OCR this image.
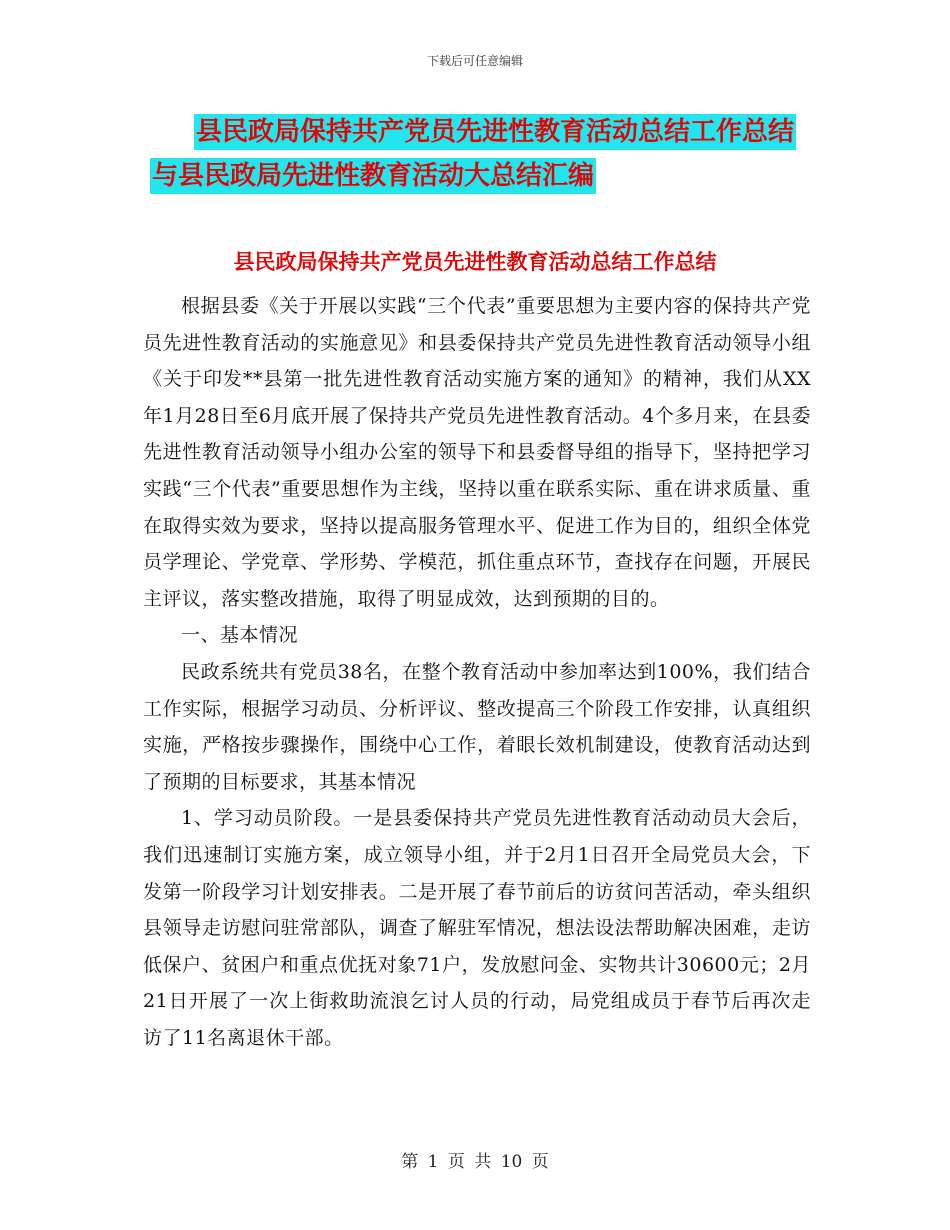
下载后可任意编辑
县民政局保持共产党员先进性教育活动总结工作总结
与县民政局先进性教育活动大总结汇编
县民政局保持共产党员先进性教育活动总结工作总结

根据县委《关于开展以实践“三个代表”重要思想为主要内容的保持共产党员先进性教育活动的实施意见》和县委保持共产党员先进性教育活动领导小组《关于印发**县第一批先进性教育活动实施方案的通知》的精神，我们从XX年1月28日至6月底开展了保持共产党员先进性教育活动。4个多月来，在县委先进性教育活动领导小组办公室的领导下和县委督导组的指导下，坚持把学习实践“三个代表”重要思想作为主线，坚持以重在联系实际、重在讲求质量、重在取得实效为要求，坚持以提高服务管理水平、促进工作为目的，组织全体党员学理论、学党章、学形势、学模范，抓住重点环节，查找存在问题，开展民主评议，落实整改措施，取得了明显成效，达到预期的目的。

一、基本情况

民政系统共有党员38名，在整个教育活动中参加率达到100%，我们结合工作实际，根据学习动员、分析评议、整改提高三个阶段工作安排，认真组织实施，严格按步骤操作，围绕中心工作，着眼长效机制建设，使教育活动达到了预期的目标要求，其基本情况

1、学习动员阶段。一是县委保持共产党员先进性教育活动动员大会后，我们迅速制订实施方案，成立领导小组，并于2月1日召开全局党员大会，下发第一阶段学习计划安排表。二是开展了春节前后的访贫问苦活动，牵头组织县领导走访慰问驻常部队，调查了解驻军情况，想法设法帮助解决困难，走访低保户、贫困户和重点优抚对象71户，发放慰问金、实物共计30600元；2月21日开展了一次上街救助流浪乞讨人员的行动，局党组成员于春节后再次走访了11名离退休干部。

第 1 页 共 10 页
